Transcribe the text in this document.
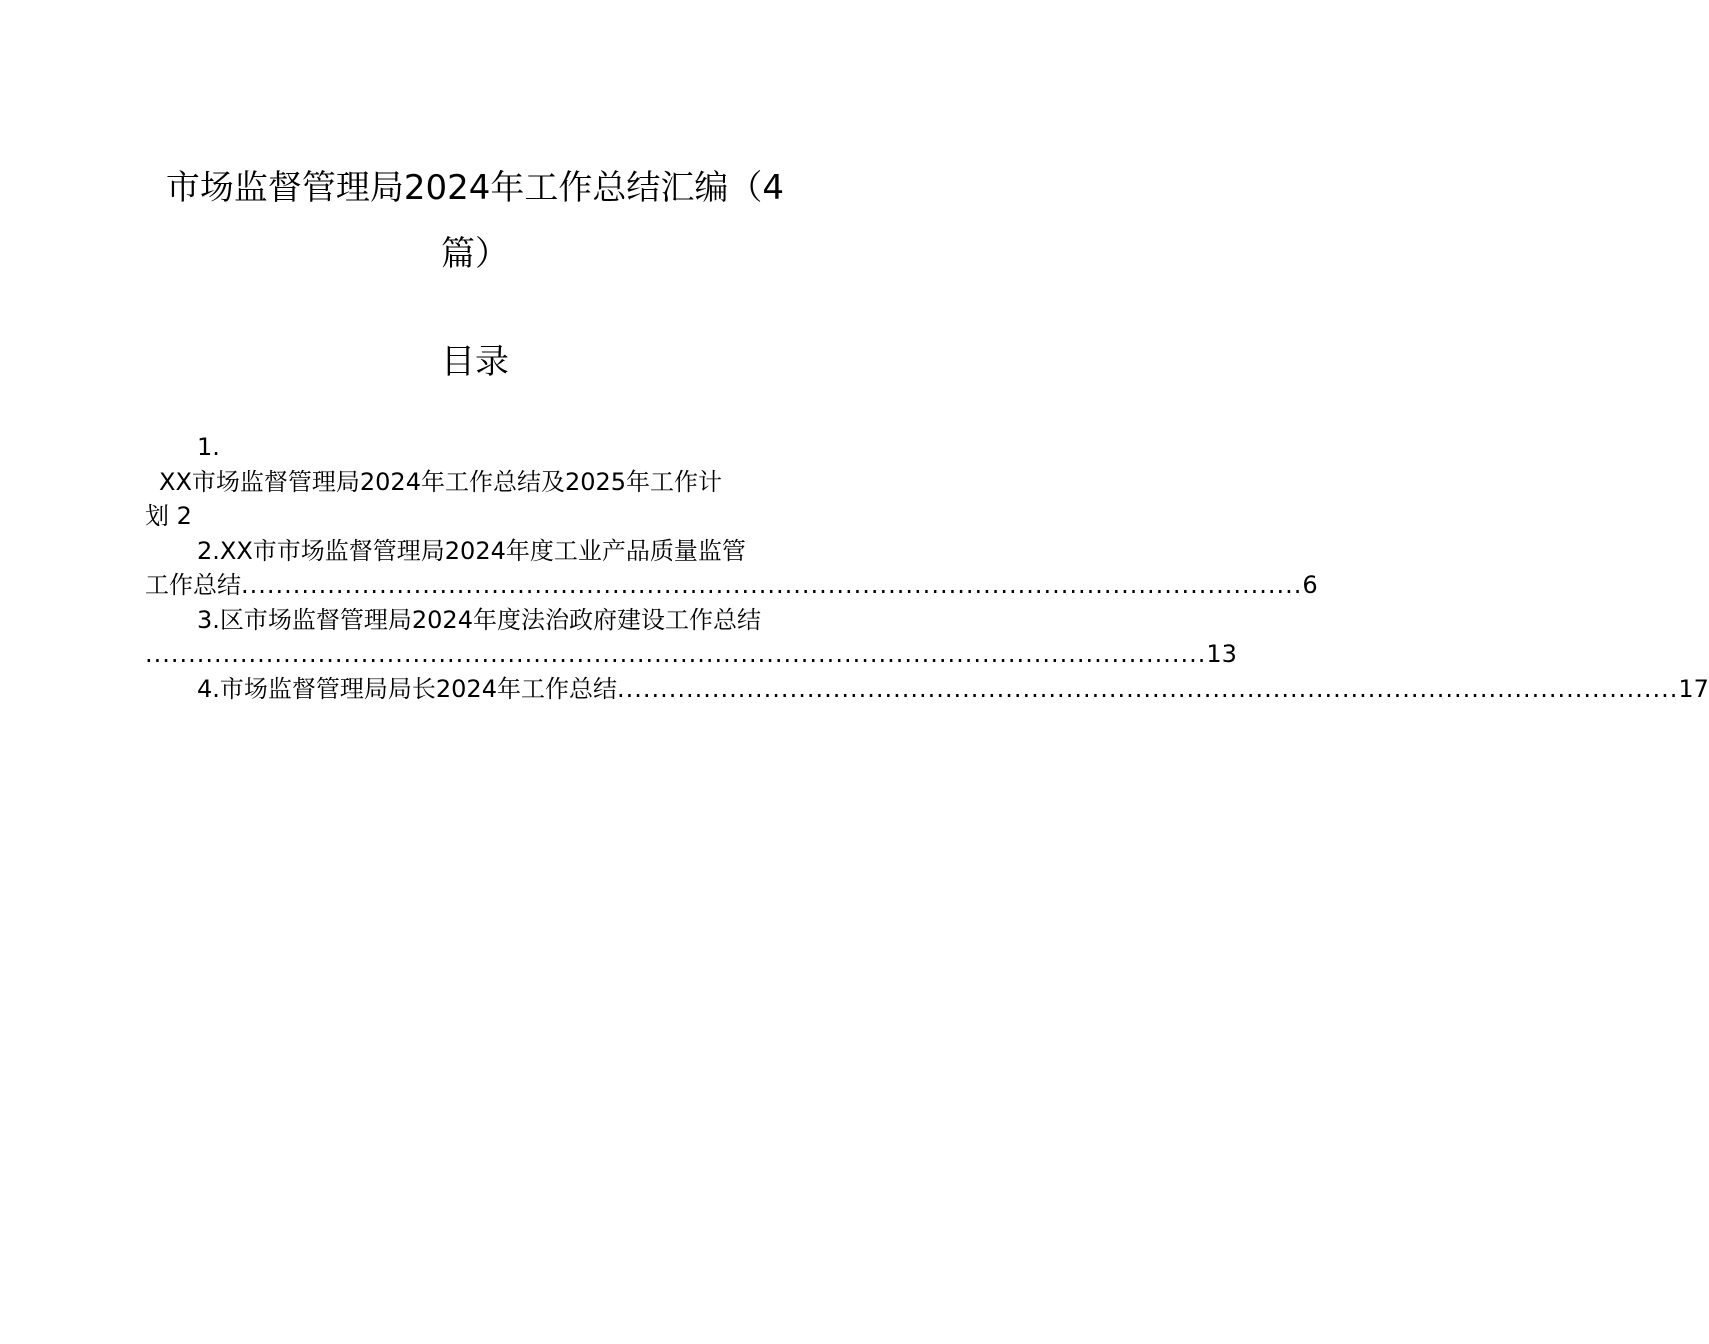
市场监督管理局2024年工作总结汇编（4
篇）
目录
1.
XX市场监督管理局2024年工作总结及2025年工作计
划 2
2.XX市市场监督管理局2024年度工业产品质量监管
工作总结 ........................................................................................................................... 6
3.区市场监督管理局2024年度法治政府建设工作总结
........................................................................................................................... 13
4.市场监督管理局局长2024年工作总结 ........................................................................................................................... 17
